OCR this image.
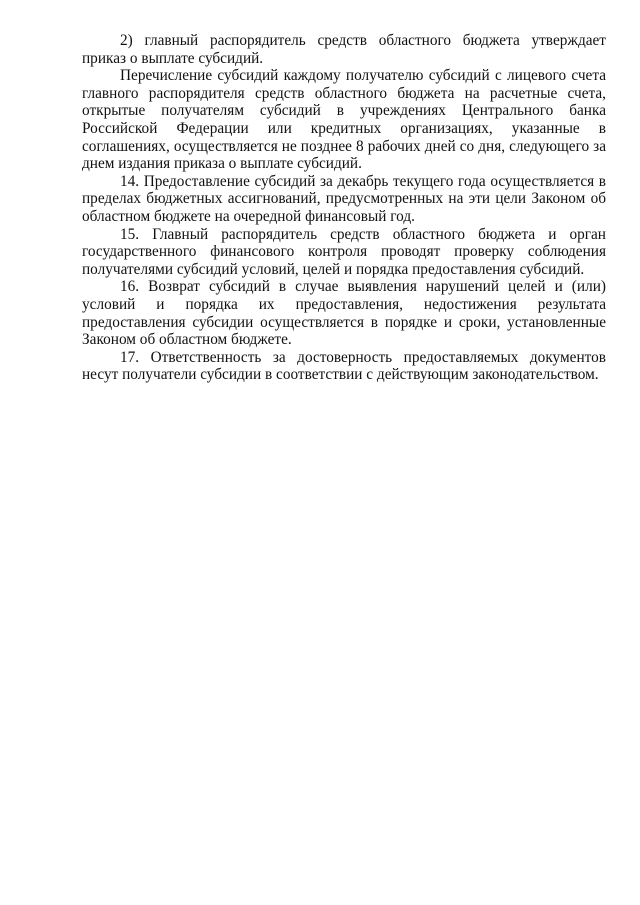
2) главный распорядитель средств областного бюджета утверждает приказ о выплате субсидий.

Перечисление субсидий каждому получателю субсидий с лицевого счета главного распорядителя средств областного бюджета на расчетные счета, открытые получателям субсидий в учреждениях Центрального банка Российской Федерации или кредитных организациях, указанные в соглашениях, осуществляется не позднее 8 рабочих дней со дня, следующего за днем издания приказа о выплате субсидий.

14. Предоставление субсидий за декабрь текущего года осуществляется в пределах бюджетных ассигнований, предусмотренных на эти цели Законом об областном бюджете на очередной финансовый год.

15. Главный распорядитель средств областного бюджета и орган государственного финансового контроля проводят проверку соблюдения получателями субсидий условий, целей и порядка предоставления субсидий.

16. Возврат субсидий в случае выявления нарушений целей и (или) условий и порядка их предоставления, недостижения результата предоставления субсидии осуществляется в порядке и сроки, установленные Законом об областном бюджете.

17. Ответственность за достоверность предоставляемых документов несут получатели субсидии в соответствии с действующим законодательством.
